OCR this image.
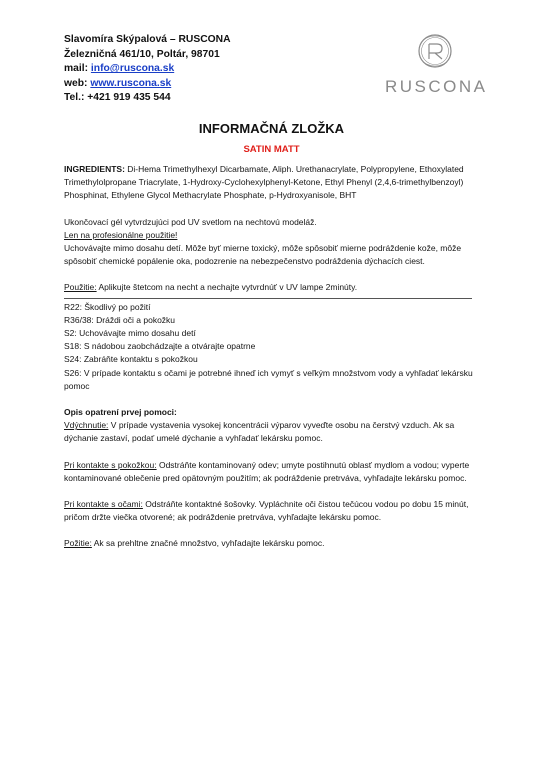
Slavomíra Skýpalová – RUSCONA
Železničná 461/10, Poltár, 98701
mail: info@ruscona.sk
web: www.ruscona.sk
Tel.: +421 919 435 544
RUSCONA
INFORMAČNÁ ZLOŽKA
SATIN MATT

INGREDIENTS: Di-Hema Trimethylhexyl Dicarbamate, Aliph. Urethanacrylate, Polypropylene, Ethoxylated Trimethylolpropane Triacrylate, 1-Hydroxy-Cyclohexylphenyl-Ketone, Ethyl Phenyl (2,4,6-trimethylbenzoyl) Phosphinat, Ethylene Glycol Methacrylate Phosphate, p-Hydroxyanisole, BHT

Ukončovací gél vytvrdzujúci pod UV svetlom na nechtovú modeláž.

Len na profesionálne použitie!

Uchovávajte mimo dosahu detí. Môže byť mierne toxický, môže spôsobiť mierne podráždenie kože, môže spôsobiť chemické popálenie oka, podozrenie na nebezpečenstvo podráždenia dýchacích ciest.

Použitie: Aplikujte štetcom na necht a nechajte vytvrdnúť v UV lampe 2minúty.

R22: Škodlivý po požití

R36/38: Dráždi oči a pokožku

S2: Uchovávajte mimo dosahu detí

S18: S nádobou zaobchádzajte a otvárajte opatrne

S24: Zabráňte kontaktu s pokožkou

S26: V prípade kontaktu s očami je potrebné ihneď ich vymyť s veľkým množstvom vody a vyhľadať lekársku pomoc

Opis opatrení prvej pomoci:

Vdýchnutie: V prípade vystavenia vysokej koncentrácii výparov vyveďte osobu na čerstvý vzduch. Ak sa dýchanie zastaví, podať umelé dýchanie a vyhľadať lekársku pomoc.

Pri kontakte s pokožkou: Odstráňte kontaminovaný odev; umyte postihnutú oblasť mydlom a vodou; vyperte kontaminované oblečenie pred opätovným použitím; ak podráždenie pretrváva, vyhľadajte lekársku pomoc.

Pri kontakte s očami: Odstráňte kontaktné šošovky. Vypláchnite oči čistou tečúcou vodou po dobu 15 minút, pričom držte viečka otvorené; ak podráždenie pretrváva, vyhľadajte lekársku pomoc.

Požitie: Ak sa prehltne značné množstvo, vyhľadajte lekársku pomoc.
